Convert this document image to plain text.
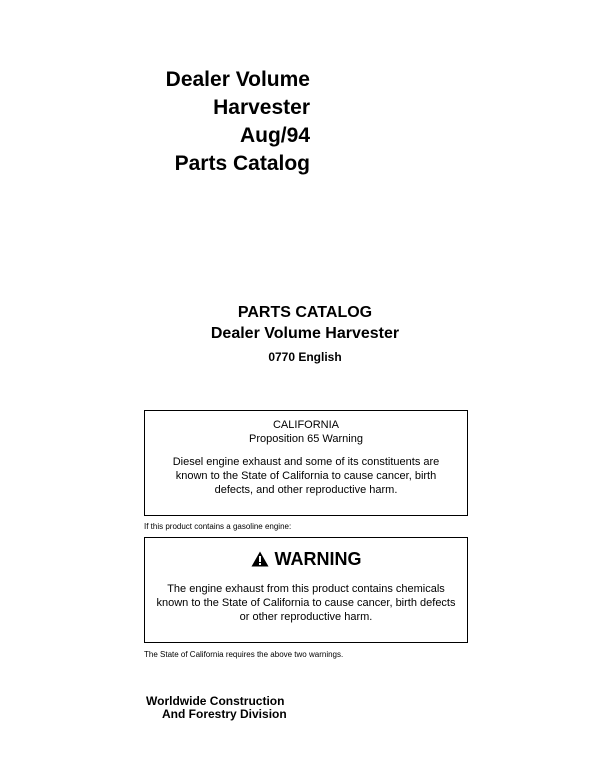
Dealer Volume
Harvester
Aug/94
Parts Catalog
PARTS CATALOG
Dealer Volume Harvester
0770 English
CALIFORNIA
Proposition 65 Warning
Diesel engine exhaust and some of its constituents are known to the State of California to cause cancer, birth defects, and other reproductive harm.
If this product contains a gasoline engine:
WARNING
The engine exhaust from this product contains chemicals known to the State of California to cause cancer, birth defects or other reproductive harm.
The State of California requires the above two warnings.
Worldwide Construction
And Forestry Division
